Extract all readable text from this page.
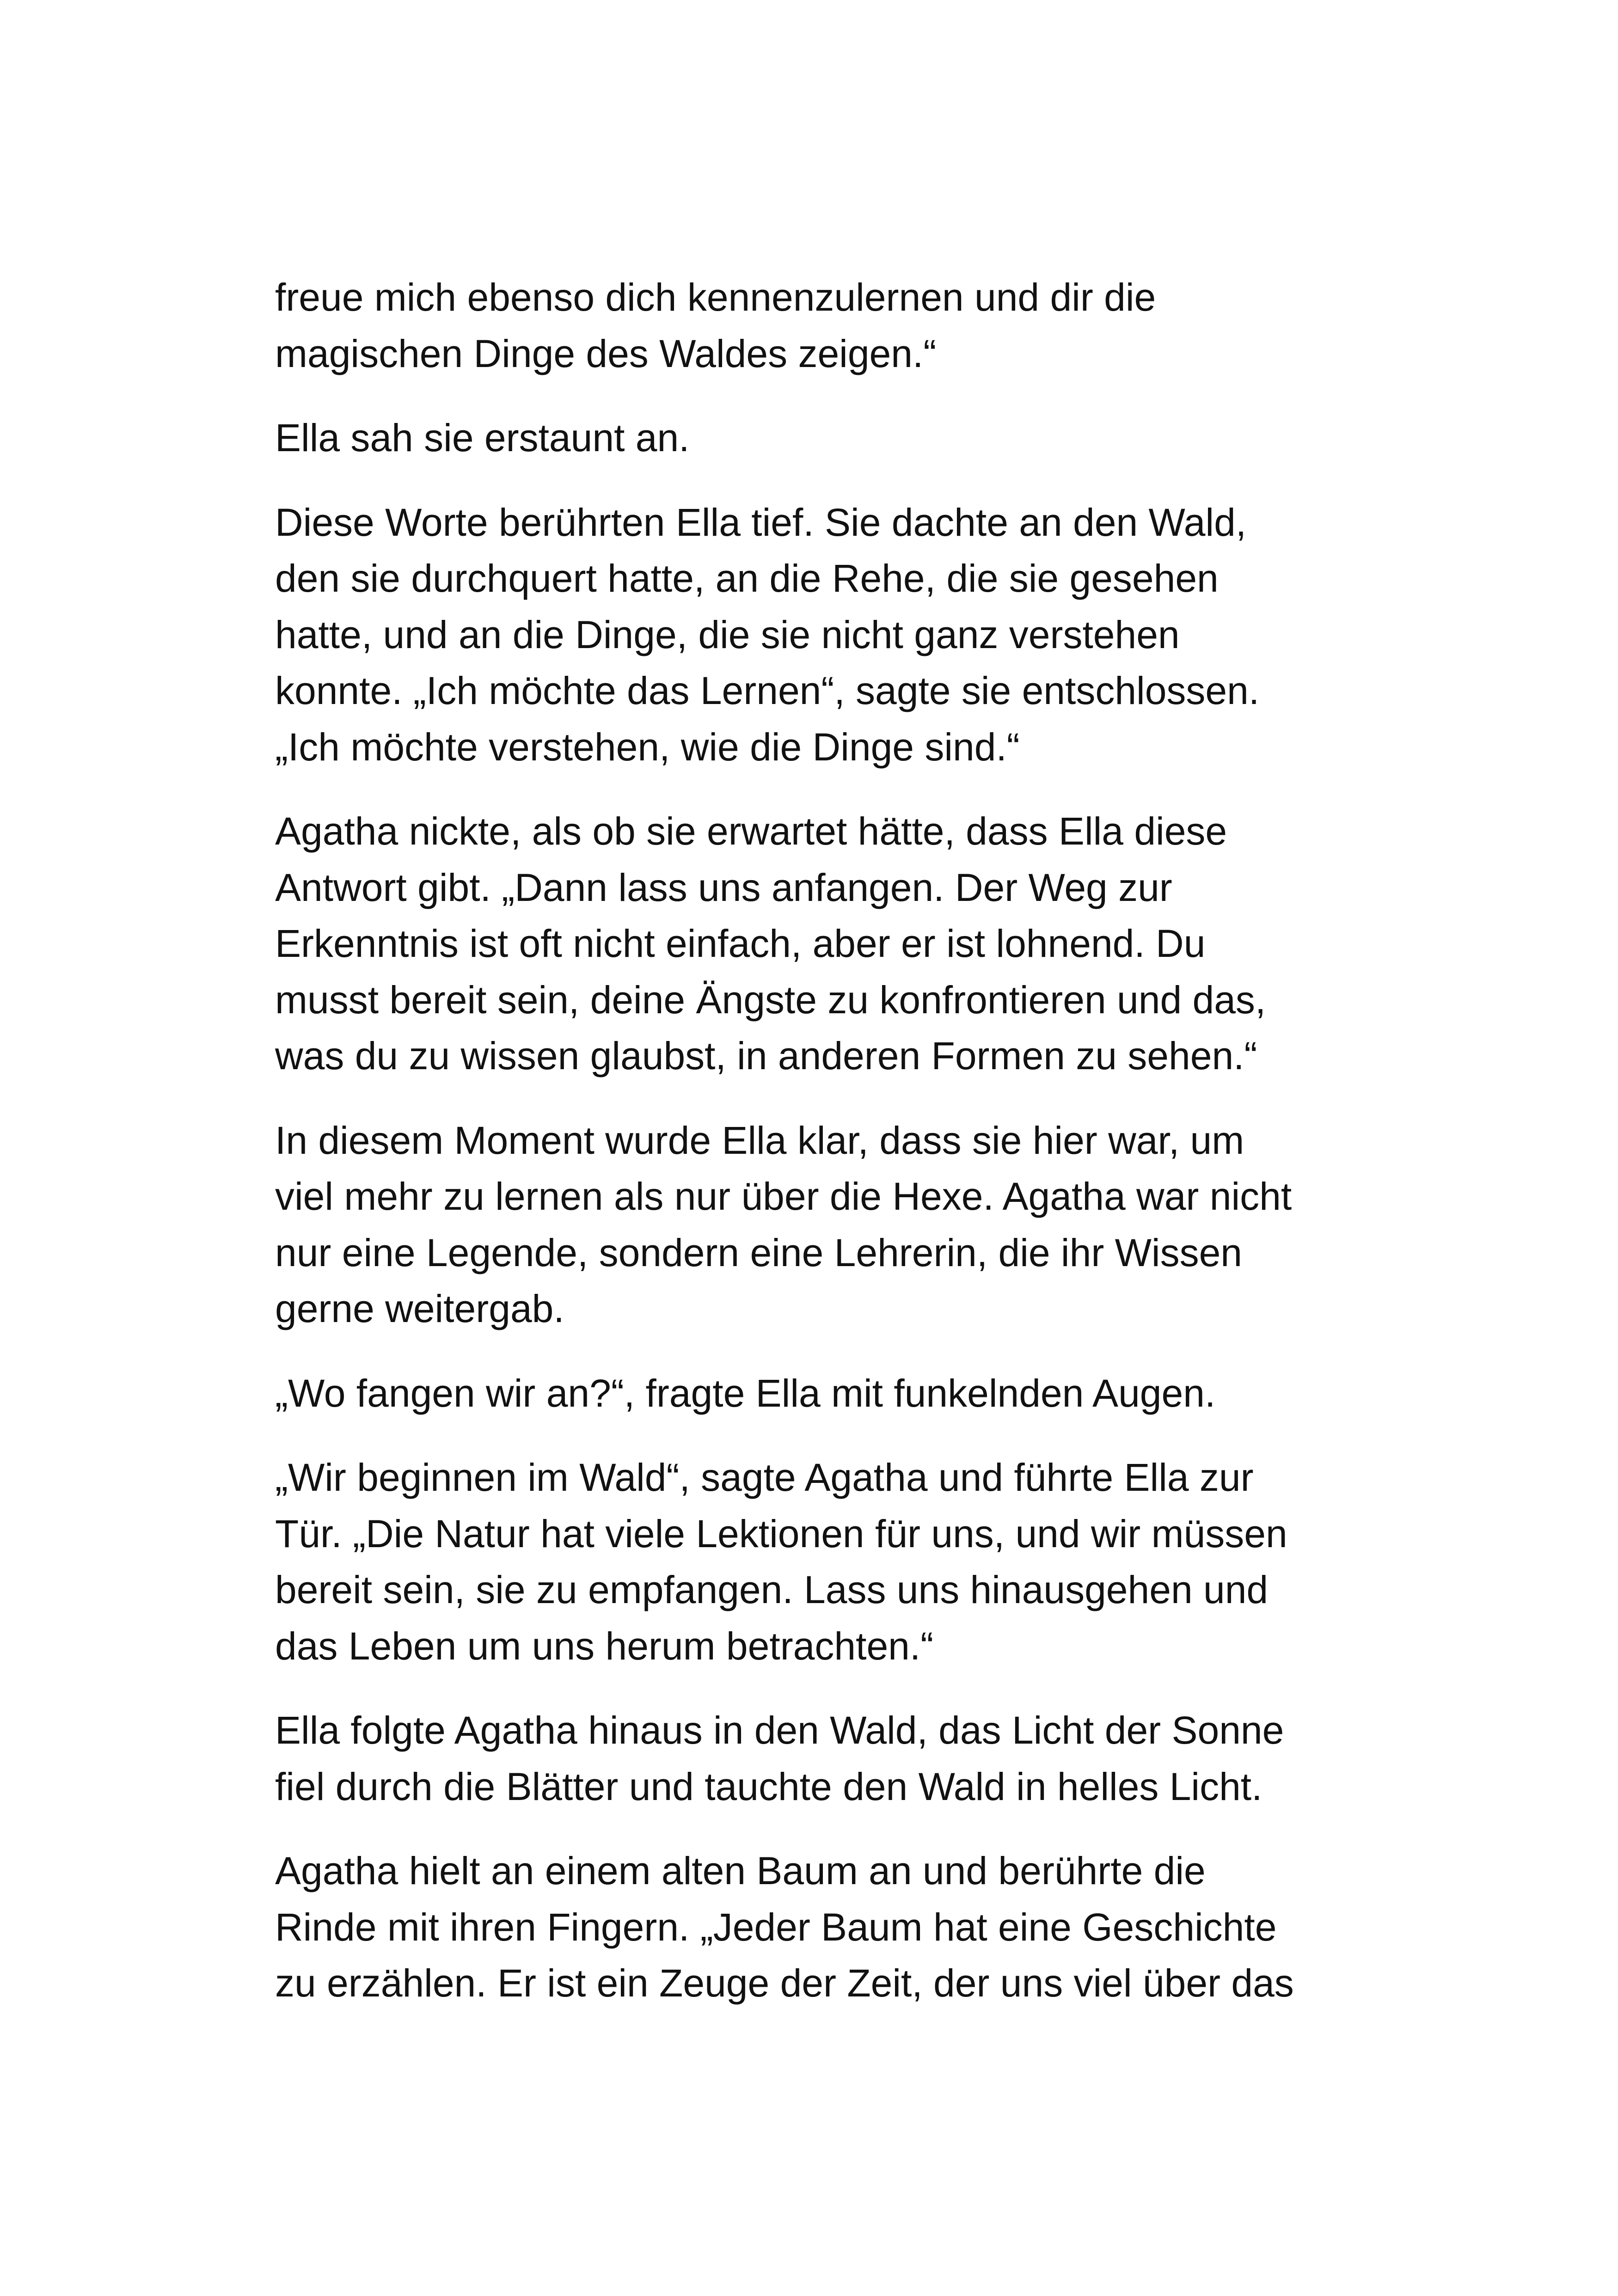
freue mich ebenso dich kennenzulernen und dir die
magischen Dinge des Waldes zeigen.“

Ella sah sie erstaunt an.

Diese Worte berührten Ella tief. Sie dachte an den Wald,
den sie durchquert hatte, an die Rehe, die sie gesehen
hatte, und an die Dinge, die sie nicht ganz verstehen
konnte. „Ich möchte das Lernen“, sagte sie entschlossen.
„Ich möchte verstehen, wie die Dinge sind.“

Agatha nickte, als ob sie erwartet hätte, dass Ella diese
Antwort gibt. „Dann lass uns anfangen. Der Weg zur
Erkenntnis ist oft nicht einfach, aber er ist lohnend. Du
musst bereit sein, deine Ängste zu konfrontieren und das,
was du zu wissen glaubst, in anderen Formen zu sehen.“

In diesem Moment wurde Ella klar, dass sie hier war, um
viel mehr zu lernen als nur über die Hexe. Agatha war nicht
nur eine Legende, sondern eine Lehrerin, die ihr Wissen
gerne weitergab.

„Wo fangen wir an?“, fragte Ella mit funkelnden Augen.

„Wir beginnen im Wald“, sagte Agatha und führte Ella zur
Tür. „Die Natur hat viele Lektionen für uns, und wir müssen
bereit sein, sie zu empfangen. Lass uns hinausgehen und
das Leben um uns herum betrachten.“

Ella folgte Agatha hinaus in den Wald, das Licht der Sonne
fiel durch die Blätter und tauchte den Wald in helles Licht.

Agatha hielt an einem alten Baum an und berührte die
Rinde mit ihren Fingern. „Jeder Baum hat eine Geschichte
zu erzählen. Er ist ein Zeuge der Zeit, der uns viel über das
